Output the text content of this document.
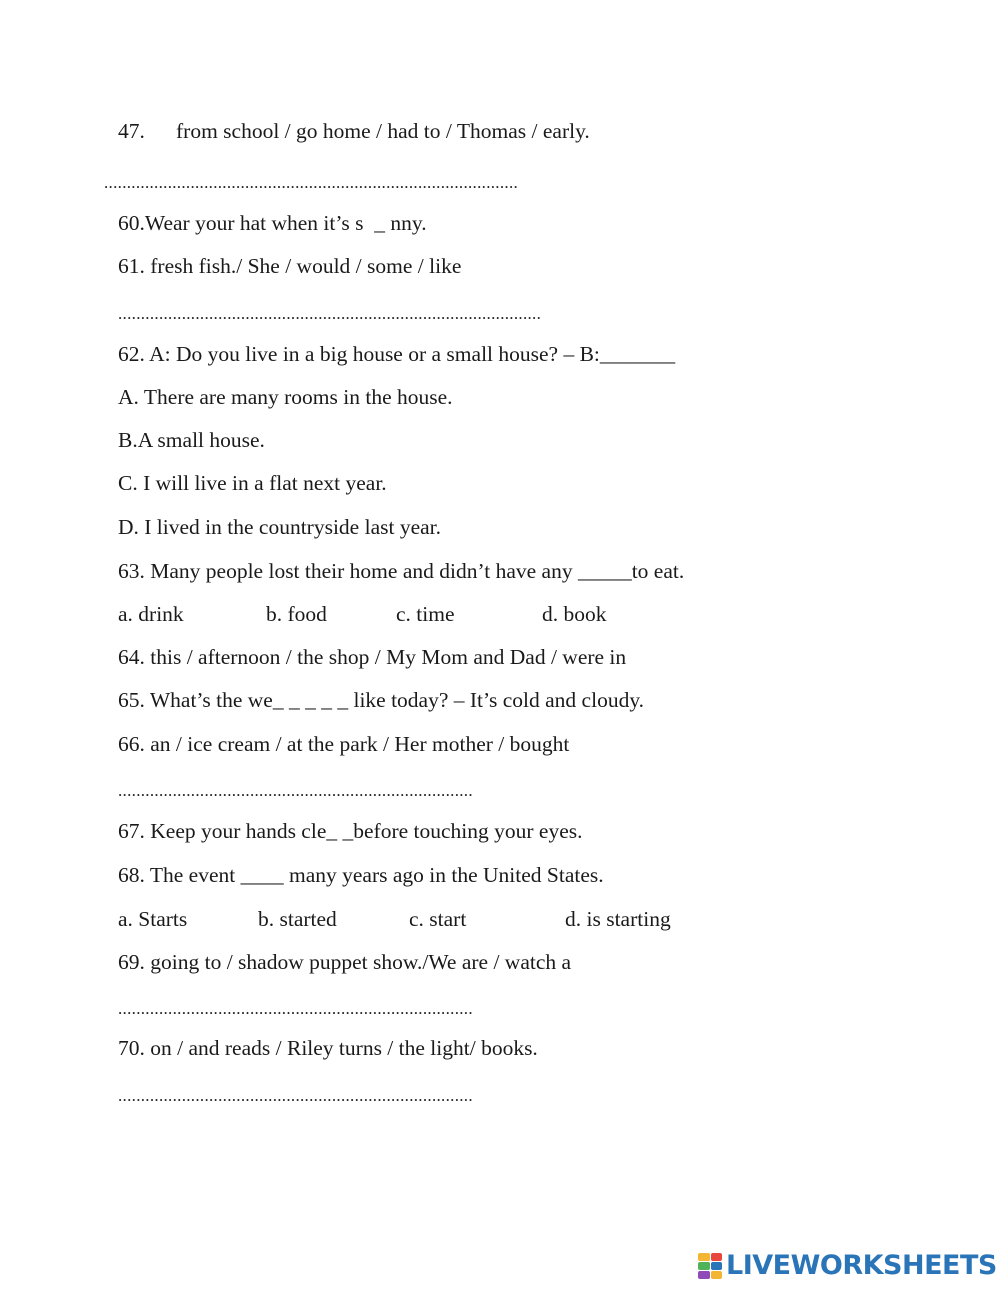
47. from school / go home / had to / Thomas / early.
...........................................................................................
60.Wear your hat when it’s s  _ nny.
61. fresh fish./ She / would / some / like
.............................................................................................
62. A: Do you live in a big house or a small house? – B:_______
A. There are many rooms in the house.
B.A small house.
C. I will live in a flat next year.
D. I lived in the countryside last year.
63. Many people lost their home and didn’t have any _____to eat.
a. drink	b. food	c. time	d. book
64. this / afternoon / the shop / My Mom and Dad / were in
65. What’s the we_ _ _ _ _ like today? – It’s cold and cloudy.
66. an / ice cream / at the park / Her mother / bought
..............................................................................
67. Keep your hands cle_ _before touching your eyes.
68. The event ____ many years ago in the United States.
a. Starts	b. started	c. start	d. is starting
69. going to / shadow puppet show./We are / watch a
..............................................................................
70. on / and reads / Riley turns / the light/ books.
..............................................................................
LIVEWORKSHEETS
